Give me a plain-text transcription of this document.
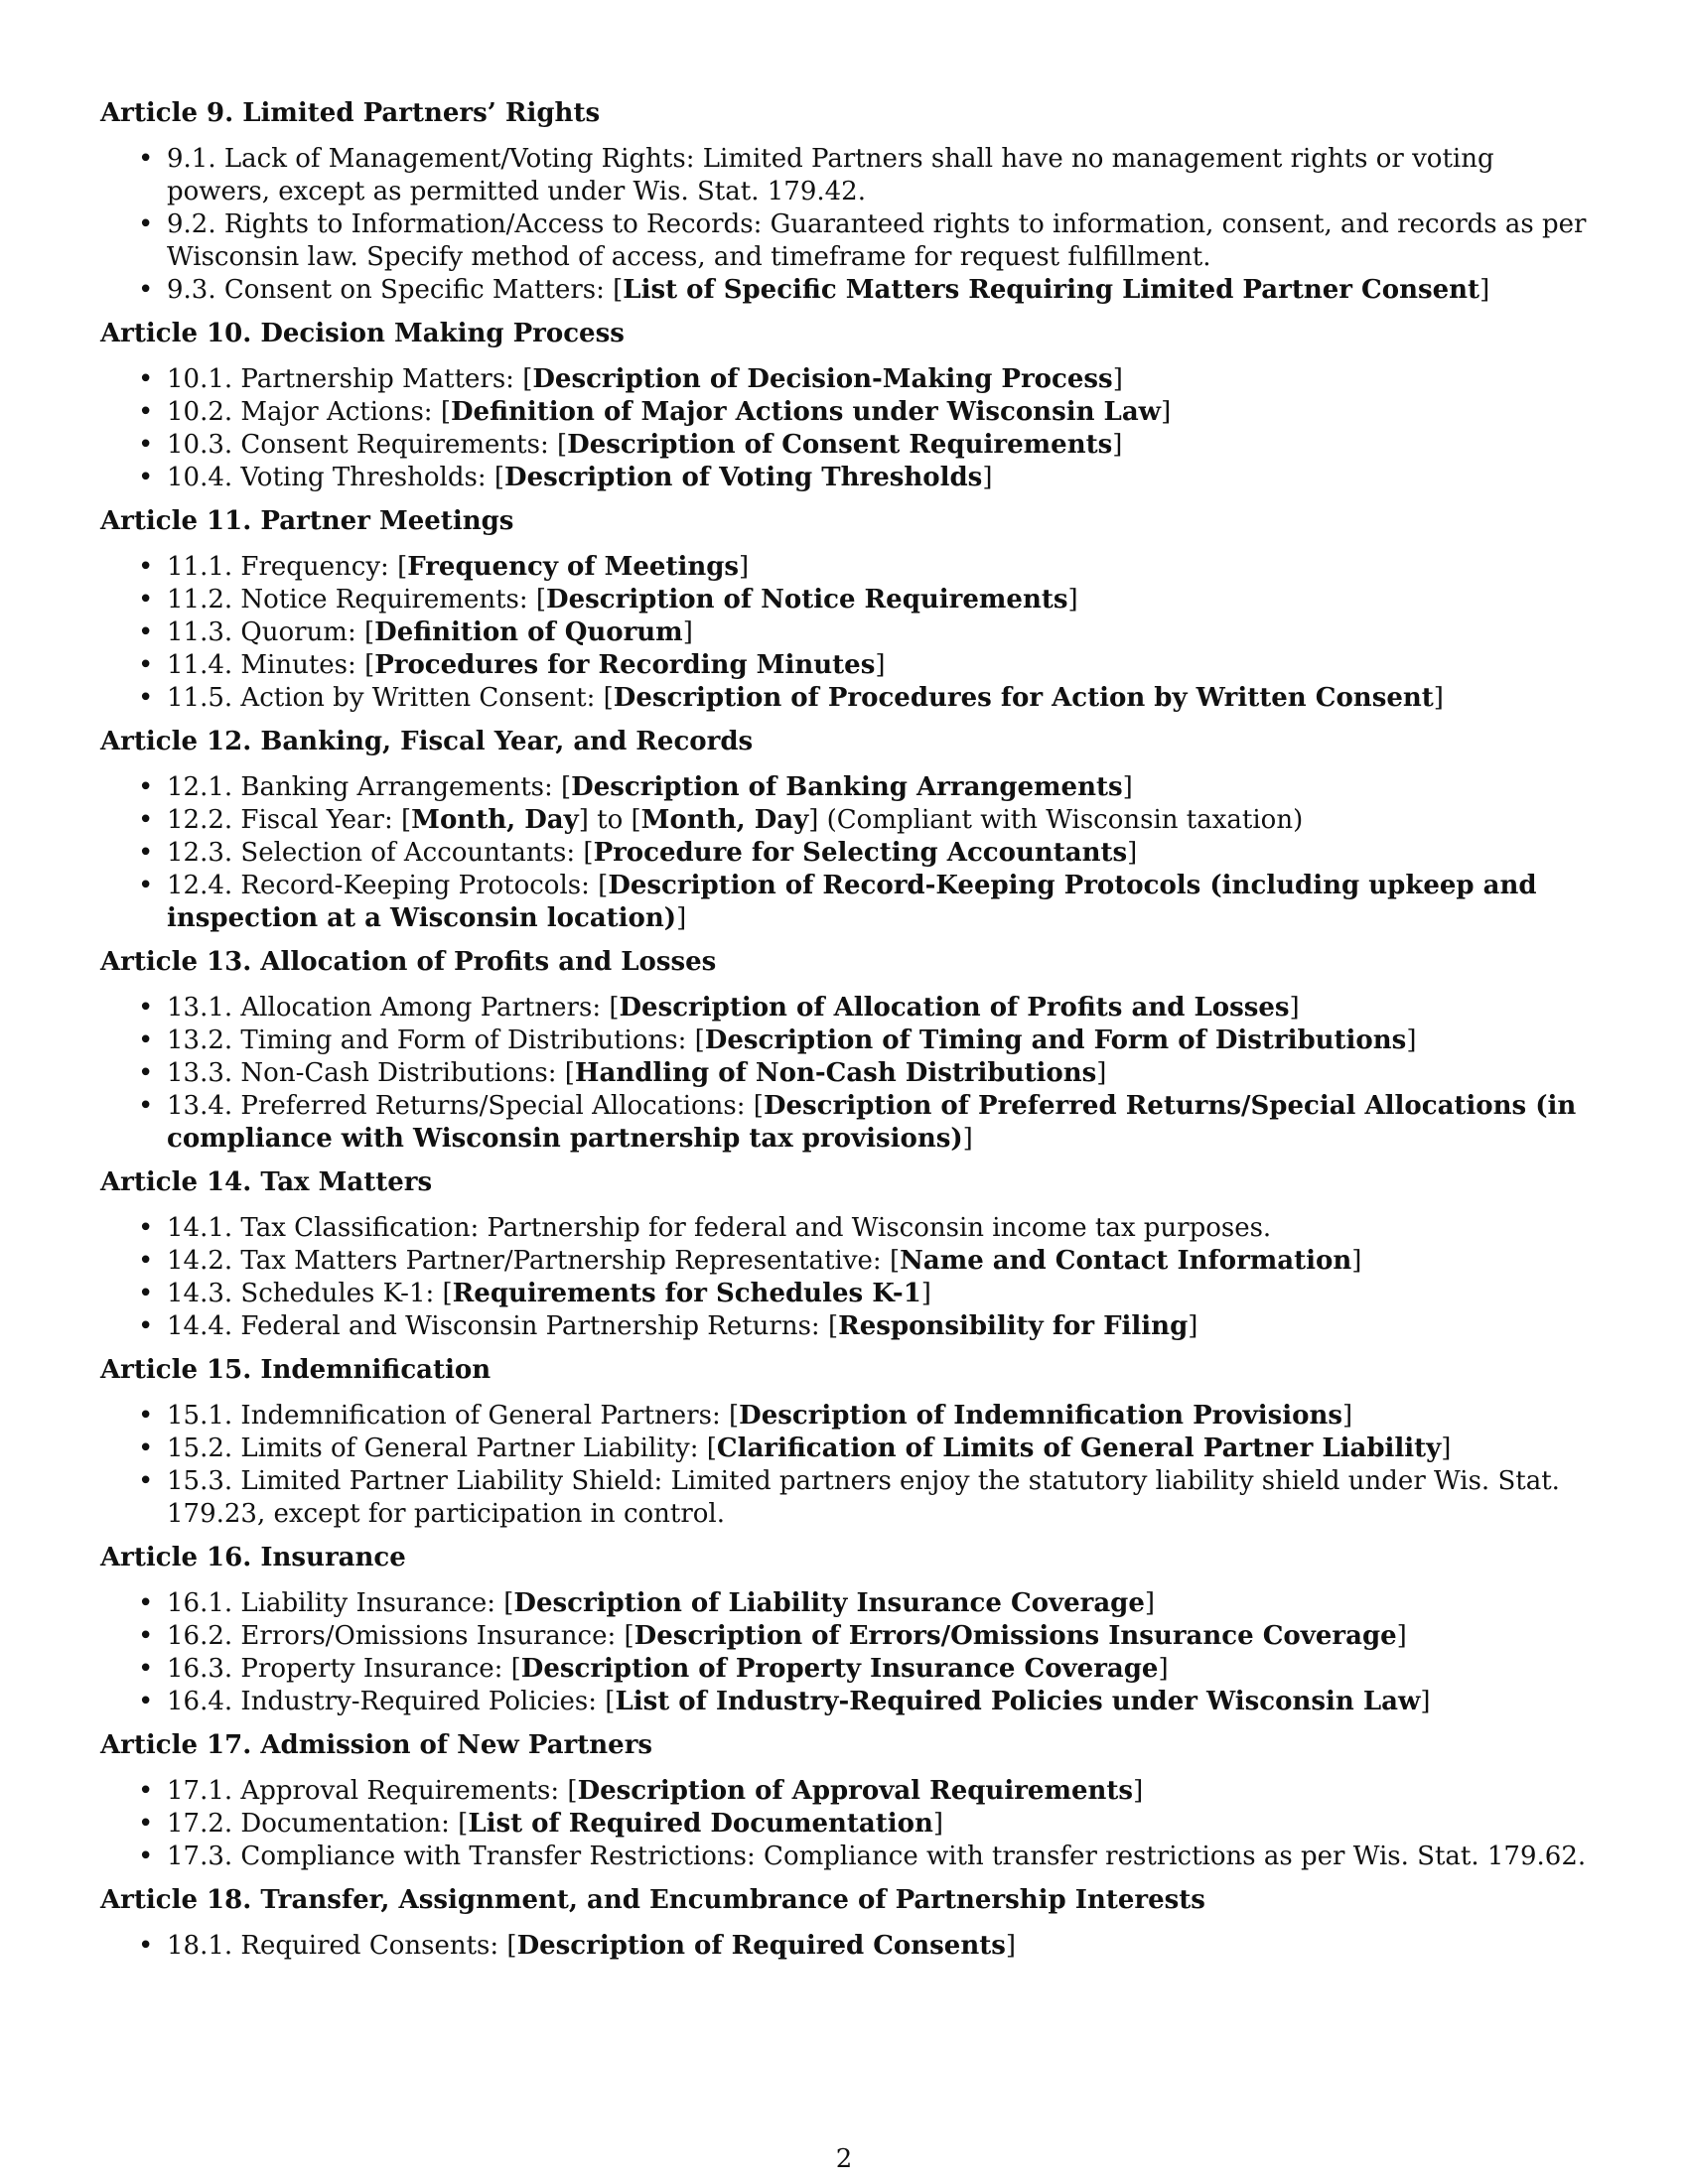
Article 9. Limited Partners’ Rights
• 9.1. Lack of Management/Voting Rights: Limited Partners shall have no management rights or voting powers, except as permitted under Wis. Stat. 179.42.
• 9.2. Rights to Information/Access to Records: Guaranteed rights to information, consent, and records as per Wisconsin law. Specify method of access, and timeframe for request fulfillment.
• 9.3. Consent on Specific Matters: [List of Specific Matters Requiring Limited Partner Consent]
Article 10. Decision Making Process
• 10.1. Partnership Matters: [Description of Decision-Making Process]
• 10.2. Major Actions: [Definition of Major Actions under Wisconsin Law]
• 10.3. Consent Requirements: [Description of Consent Requirements]
• 10.4. Voting Thresholds: [Description of Voting Thresholds]
Article 11. Partner Meetings
• 11.1. Frequency: [Frequency of Meetings]
• 11.2. Notice Requirements: [Description of Notice Requirements]
• 11.3. Quorum: [Definition of Quorum]
• 11.4. Minutes: [Procedures for Recording Minutes]
• 11.5. Action by Written Consent: [Description of Procedures for Action by Written Consent]
Article 12. Banking, Fiscal Year, and Records
• 12.1. Banking Arrangements: [Description of Banking Arrangements]
• 12.2. Fiscal Year: [Month, Day] to [Month, Day] (Compliant with Wisconsin taxation)
• 12.3. Selection of Accountants: [Procedure for Selecting Accountants]
• 12.4. Record-Keeping Protocols: [Description of Record-Keeping Protocols (including upkeep and inspection at a Wisconsin location)]
Article 13. Allocation of Profits and Losses
• 13.1. Allocation Among Partners: [Description of Allocation of Profits and Losses]
• 13.2. Timing and Form of Distributions: [Description of Timing and Form of Distributions]
• 13.3. Non-Cash Distributions: [Handling of Non-Cash Distributions]
• 13.4. Preferred Returns/Special Allocations: [Description of Preferred Returns/Special Allocations (in compliance with Wisconsin partnership tax provisions)]
Article 14. Tax Matters
• 14.1. Tax Classification: Partnership for federal and Wisconsin income tax purposes.
• 14.2. Tax Matters Partner/Partnership Representative: [Name and Contact Information]
• 14.3. Schedules K-1: [Requirements for Schedules K-1]
• 14.4. Federal and Wisconsin Partnership Returns: [Responsibility for Filing]
Article 15. Indemnification
• 15.1. Indemnification of General Partners: [Description of Indemnification Provisions]
• 15.2. Limits of General Partner Liability: [Clarification of Limits of General Partner Liability]
• 15.3. Limited Partner Liability Shield: Limited partners enjoy the statutory liability shield under Wis. Stat. 179.23, except for participation in control.
Article 16. Insurance
• 16.1. Liability Insurance: [Description of Liability Insurance Coverage]
• 16.2. Errors/Omissions Insurance: [Description of Errors/Omissions Insurance Coverage]
• 16.3. Property Insurance: [Description of Property Insurance Coverage]
• 16.4. Industry-Required Policies: [List of Industry-Required Policies under Wisconsin Law]
Article 17. Admission of New Partners
• 17.1. Approval Requirements: [Description of Approval Requirements]
• 17.2. Documentation: [List of Required Documentation]
• 17.3. Compliance with Transfer Restrictions: Compliance with transfer restrictions as per Wis. Stat. 179.62.
Article 18. Transfer, Assignment, and Encumbrance of Partnership Interests
• 18.1. Required Consents: [Description of Required Consents]
2
